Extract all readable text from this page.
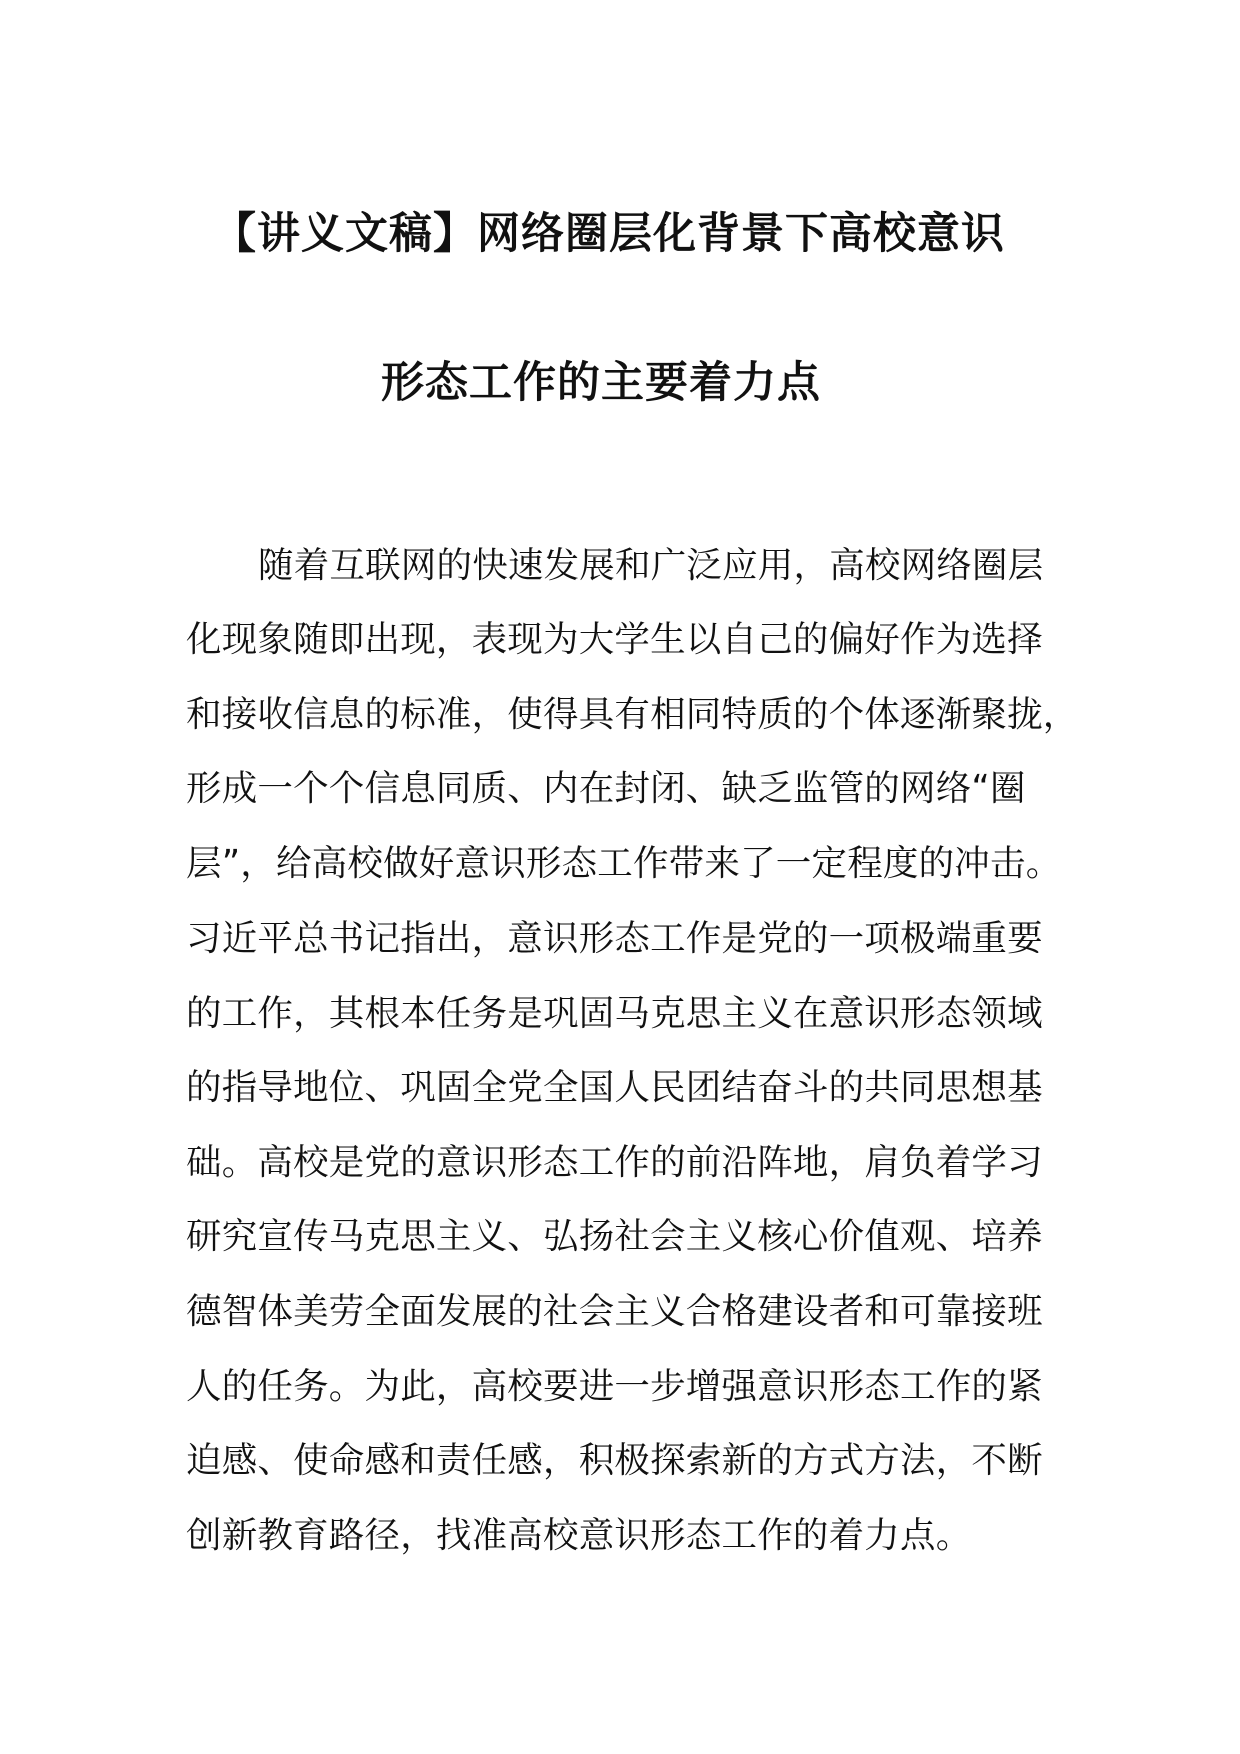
【讲义文稿】网络圈层化背景下高校意识
形态工作的主要着力点
随着互联网的快速发展和广泛应用，高校网络圈层
化现象随即出现，表现为大学生以自己的偏好作为选择
和接收信息的标准，使得具有相同特质的个体逐渐聚拢，
形成一个个信息同质、内在封闭、缺乏监管的网络“圈
层”，给高校做好意识形态工作带来了一定程度的冲击。
习近平总书记指出，意识形态工作是党的一项极端重要
的工作，其根本任务是巩固马克思主义在意识形态领域
的指导地位、巩固全党全国人民团结奋斗的共同思想基
础。高校是党的意识形态工作的前沿阵地，肩负着学习
研究宣传马克思主义、弘扬社会主义核心价值观、培养
德智体美劳全面发展的社会主义合格建设者和可靠接班
人的任务。为此，高校要进一步增强意识形态工作的紧
迫感、使命感和责任感，积极探索新的方式方法，不断
创新教育路径，找准高校意识形态工作的着力点。
